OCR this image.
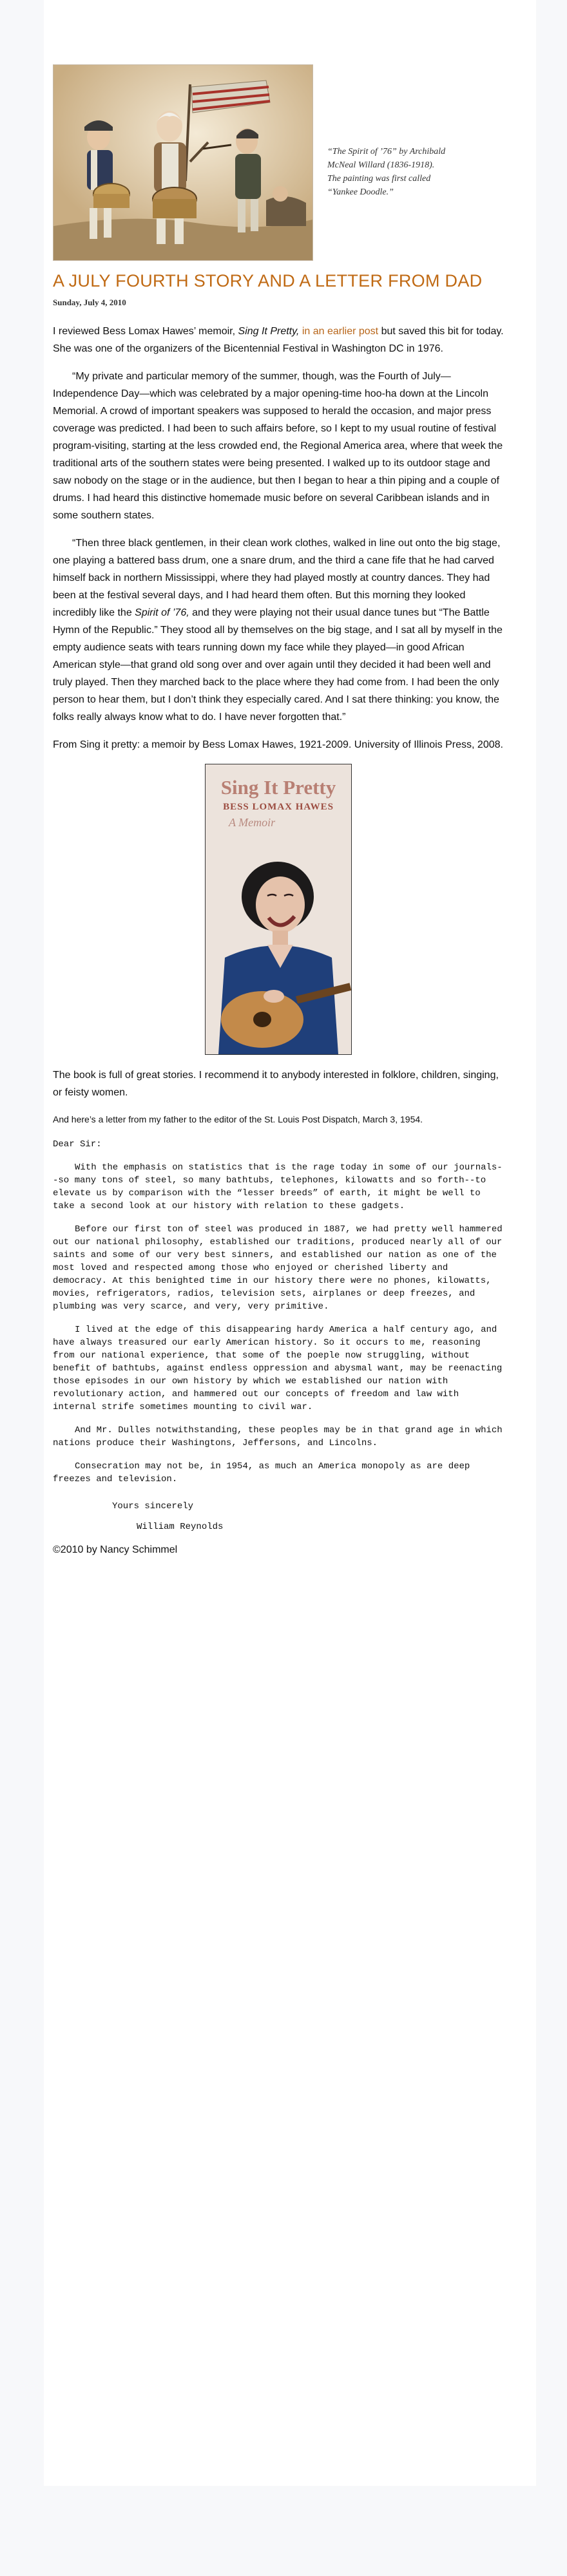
“The Spirit of ’76” by Archibald McNeal Willard (1836-1918). The painting was first called “Yankee Doodle.”
A JULY FOURTH STORY AND A LETTER FROM DAD
Sunday, July 4, 2010

I reviewed Bess Lomax Hawes’ memoir, Sing It Pretty, in an earlier post but saved this bit for today. She was one of the organizers of the Bicentennial Festival in Washington DC in 1976.

“My private and particular memory of the summer, though, was the Fourth of July—Independence Day—which was celebrated by a major opening-time hoo-ha down at the Lincoln Memorial. A crowd of important speakers was supposed to herald the occasion, and major press coverage was predicted. I had been to such affairs before, so I kept to my usual routine of festival program-visiting, starting at the less crowded end, the Regional America area, where that week the traditional arts of the southern states were being presented. I walked up to its outdoor stage and saw nobody on the stage or in the audience, but then I began to hear a thin piping and a couple of drums. I had heard this distinctive homemade music before on several Caribbean islands and in some southern states.

“Then three black gentlemen, in their clean work clothes, walked in line out onto the big stage, one playing a battered bass drum, one a snare drum, and the third a cane fife that he had carved himself back in northern Mississippi, where they had played mostly at country dances. They had been at the festival several days, and I had heard them often. But this morning they looked incredibly like the Spirit of ’76, and they were playing not their usual dance tunes but “The Battle Hymn of the Republic.” They stood all by themselves on the big stage, and I sat all by myself in the empty audience seats with tears running down my face while they played—in good African American style—that grand old song over and over again until they decided it had been well and truly played. Then they marched back to the place where they had come from. I had been the only person to hear them, but I don’t think they especially cared. And I sat there thinking: you know, the folks really always know what to do. I have never forgotten that.”

From Sing it pretty: a memoir by Bess Lomax Hawes, 1921-2009. University of Illinois Press, 2008.

Sing It Pretty
BESS LOMAX HAWES
A Memoir

The book is full of great stories. I recommend it to anybody interested in folklore, children, singing, or feisty women.

And here’s a letter from my father to the editor of the St. Louis Post Dispatch, March 3, 1954.

Dear Sir:

With the emphasis on statistics that is the rage today in some of our journals--so many tons of steel, so many bathtubs, telephones, kilowatts and so forth--to elevate us by comparison with the “lesser breeds” of earth, it might be well to take a second look at our history with relation to these gadgets.

Before our first ton of steel was produced in 1887, we had pretty well hammered out our national philosophy, established our traditions, produced nearly all of our saints and some of our very best sinners, and established our nation as one of the most loved and respected among those who enjoyed or cherished liberty and democracy. At this benighted time in our history there were no phones, kilowatts, movies, refrigerators, radios, television sets, airplanes or deep freezes, and plumbing was very scarce, and very, very primitive.

I lived at the edge of this disappearing hardy America a half century ago, and have always treasured our early American history. So it occurs to me, reasoning from our national experience, that some of the poeple now struggling, without benefit of bathtubs, against endless oppression and abysmal want, may be reenacting those episodes in our own history by which we established our nation with revolutionary action, and hammered out our concepts of freedom and law with internal strife sometimes mounting to civil war.

And Mr. Dulles notwithstanding, these peoples may be in that grand age in which nations produce their Washingtons, Jeffersons, and Lincolns.

Consecration may not be, in 1954, as much an America monopoly as are deep freezes and television.

Yours sincerely
William Reynolds

©2010 by Nancy Schimmel
